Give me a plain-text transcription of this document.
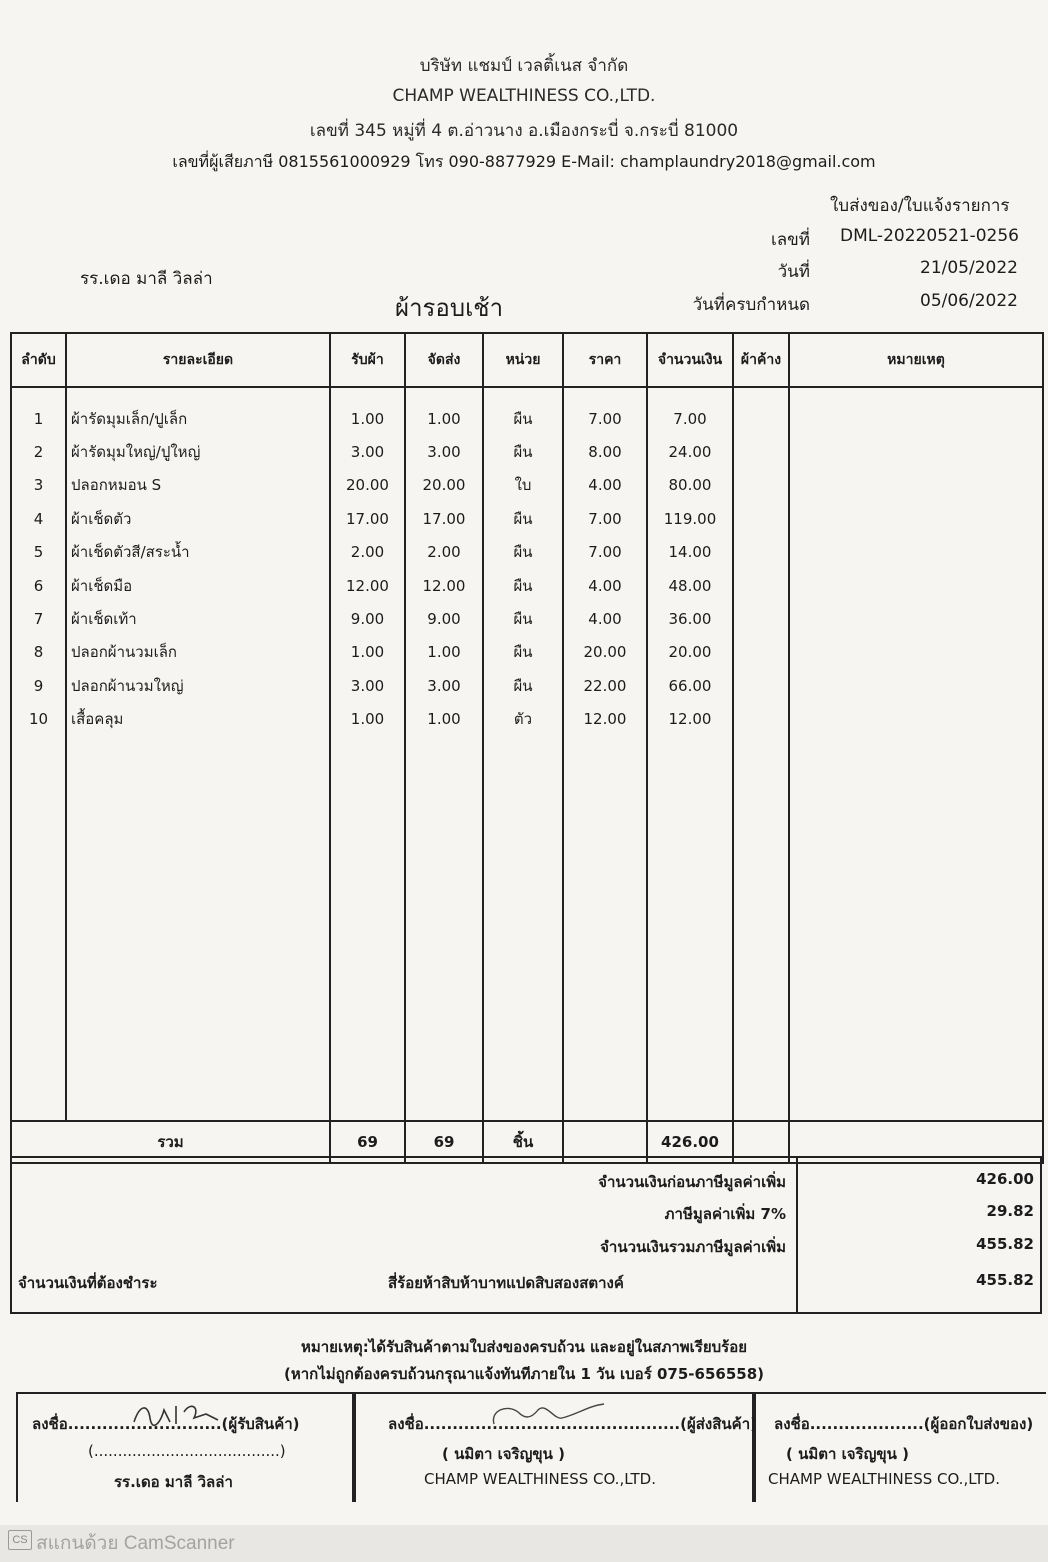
บริษัท แชมป์ เวลติ้เนส จำกัด
CHAMP WEALTHINESS CO.,LTD.
เลขที่ 345 หมู่ที่ 4 ต.อ่าวนาง อ.เมืองกระบี่ จ.กระบี่ 81000
เลขที่ผู้เสียภาษี 0815561000929 โทร 090-8877929 E-Mail: champlaundry2018@gmail.com
ใบส่งของ/ใบแจ้งรายการ
เลขที่ DML-20220521-0256
วันที่	21/05/2022
วันที่ครบกำหนด	05/06/2022
รร.เดอ มาลี วิลล่า
ผ้ารอบเช้า
ลำดับ	รายละเอียด	รับผ้า	จัดส่ง	หน่วย	ราคา	จำนวนเงิน	ผ้าค้าง	หมายเหตุ
1	ผ้ารัดมุมเล็ก/ปูเล็ก	1.00	1.00	ผืน	7.00	7.00		
2	ผ้ารัดมุมใหญ่/ปูใหญ่	3.00	3.00	ผืน	8.00	24.00		
3	ปลอกหมอน S	20.00	20.00	ใบ	4.00	80.00		
4	ผ้าเช็ดตัว	17.00	17.00	ผืน	7.00	119.00		
5	ผ้าเช็ดตัวสี/สระน้ำ	2.00	2.00	ผืน	7.00	14.00		
6	ผ้าเช็ดมือ	12.00	12.00	ผืน	4.00	48.00		
7	ผ้าเช็ดเท้า	9.00	9.00	ผืน	4.00	36.00		
8	ปลอกผ้านวมเล็ก	1.00	1.00	ผืน	20.00	20.00		
9	ปลอกผ้านวมใหญ่	3.00	3.00	ผืน	22.00	66.00		
10	เสื้อคลุม	1.00	1.00	ตัว	12.00	12.00		

รวม		69	69	ชิ้น		426.00		
จำนวนเงินก่อนภาษีมูลค่าเพิ่ม	426.00
ภาษีมูลค่าเพิ่ม 7%	29.82
จำนวนเงินรวมภาษีมูลค่าเพิ่ม	455.82
จำนวนเงินที่ต้องชำระ	สี่ร้อยห้าสิบห้าบาทแปดสิบสองสตางค์	455.82
หมายเหตุ:ได้รับสินค้าตามใบส่งของครบถ้วน และอยู่ในสภาพเรียบร้อย
(หากไม่ถูกต้องครบถ้วนกรุณาแจ้งทันทีภายใน 1 วัน เบอร์ 075-656558)
ลงชื่อ...........................(ผู้รับสินค้า)
(.......................................)
รร.เดอ มาลี วิลล่า
ลงชื่อ.............................................(ผู้ส่งสินค้า)
( นมิตา เจริญขุน )
CHAMP WEALTHINESS CO.,LTD.
ลงชื่อ....................(ผู้ออกใบส่งของ)
( นมิตา เจริญขุน )
CHAMP WEALTHINESS CO.,LTD.
CS สแกนด้วย CamScanner
